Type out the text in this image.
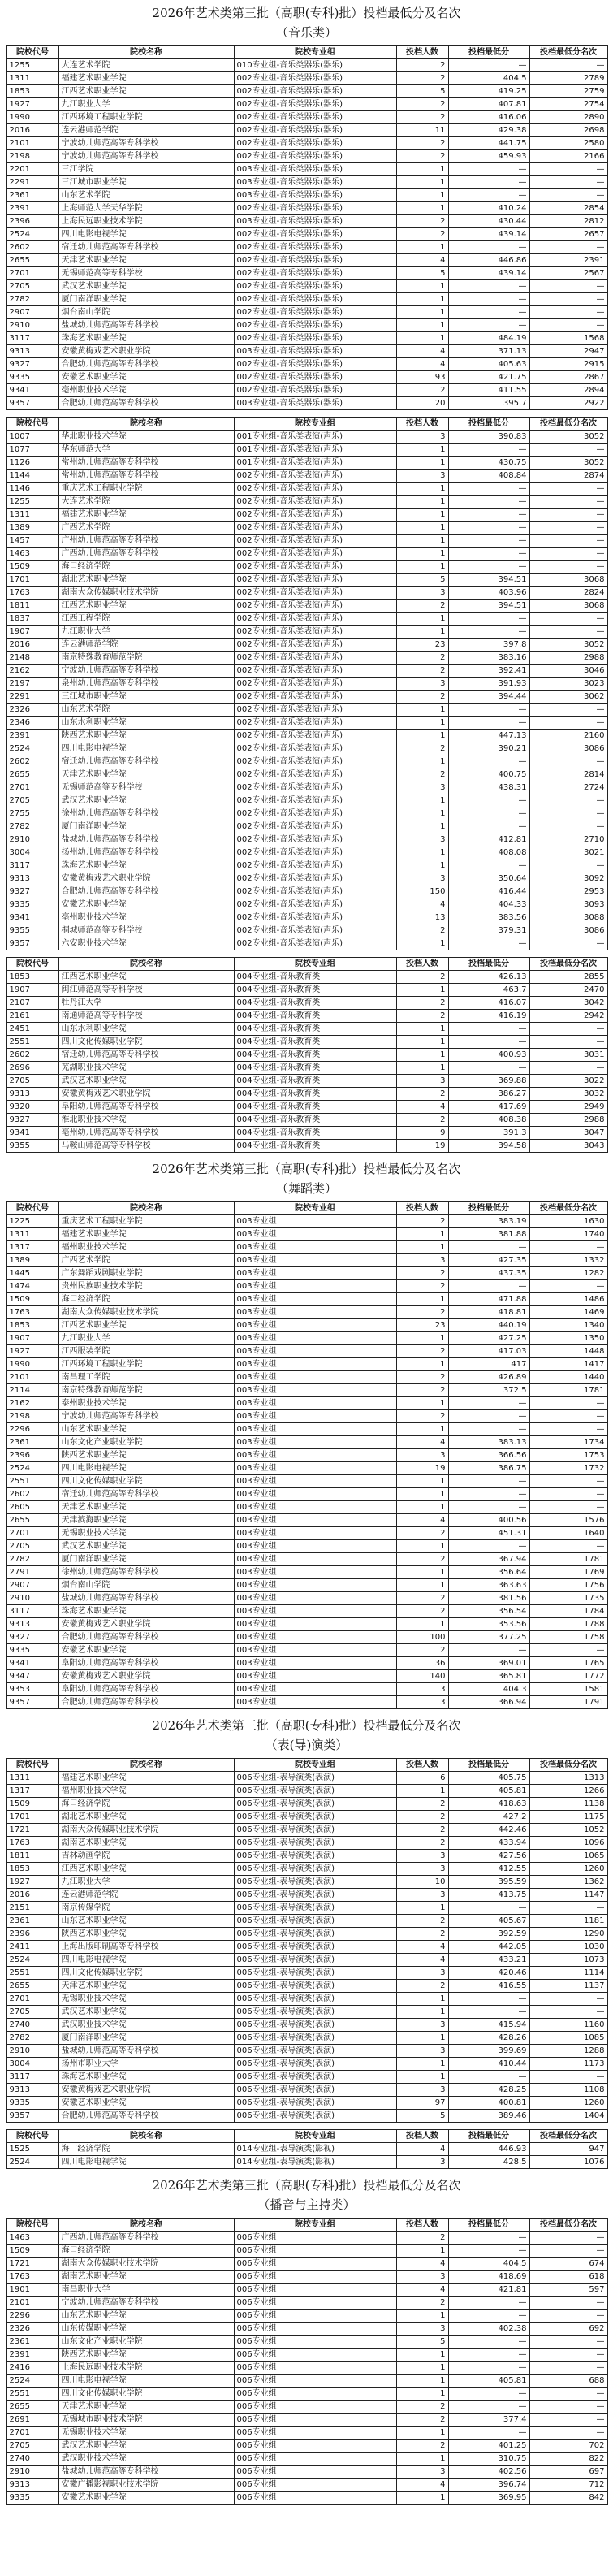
2026年艺术类第三批（高职(专科)批）投档最低分及名次
（音乐类）
院校代号	院校名称	院校专业组	投档人数	投档最低分	投档最低分名次
1255	大连艺术学院	010专业组-音乐类器乐(器乐)	2	—	—
1311	福建艺术职业学院	002专业组-音乐类器乐(器乐)	2	404.5	2789
1853	江西艺术职业学院	002专业组-音乐类器乐(器乐)	5	419.25	2759
1927	九江职业大学	002专业组-音乐类器乐(器乐)	2	407.81	2754
1990	江西环境工程职业学院	002专业组-音乐类器乐(器乐)	2	416.06	2890
2016	连云港师范学院	002专业组-音乐类器乐(器乐)	11	429.38	2698
2101	宁波幼儿师范高等专科学校	002专业组-音乐类器乐(器乐)	2	441.75	2580
2198	宁波幼儿师范高等专科学校	002专业组-音乐类器乐(器乐)	2	459.93	2166
2201	三江学院	003专业组-音乐类器乐(器乐)	1	—	—
2291	三江城市职业学院	003专业组-音乐类器乐(器乐)	1	—	—
2361	山东艺术学院	003专业组-音乐类器乐(器乐)	1	—	—
2391	上海师范大学天华学院	002专业组-音乐类器乐(器乐)	1	410.24	2854
2396	上海民远职业技术学院	003专业组-音乐类器乐(器乐)	2	430.44	2812
2524	四川电影电视学院	002专业组-音乐类器乐(器乐)	2	439.14	2657
2602	宿迁幼儿师范高等专科学校	002专业组-音乐类器乐(器乐)	1	—	—
2655	天津艺术职业学院	002专业组-音乐类器乐(器乐)	4	446.86	2391
2701	无锡师范高等专科学校	002专业组-音乐类器乐(器乐)	5	439.14	2567
2705	武汉艺术职业学院	002专业组-音乐类器乐(器乐)	1	—	—
2782	厦门南洋职业学院	002专业组-音乐类器乐(器乐)	1	—	—
2907	烟台南山学院	002专业组-音乐类器乐(器乐)	1	—	—
2910	盐城幼儿师范高等专科学校	002专业组-音乐类器乐(器乐)	1	—	—
3117	珠海艺术职业学院	002专业组-音乐类器乐(器乐)	1	484.19	1568
9313	安徽黄梅戏艺术职业学院	003专业组-音乐类器乐(器乐)	4	371.13	2947
9327	合肥幼儿师范高等专科学校	002专业组-音乐类器乐(器乐)	4	405.63	2915
9335	安徽艺术职业学院	002专业组-音乐类器乐(器乐)	93	421.75	2867
9341	亳州职业技术学院	002专业组-音乐类器乐(器乐)	2	411.55	2894
9357	合肥幼儿师范高等专科学校	003专业组-音乐类器乐(器乐)	20	395.7	2922
院校代号	院校名称	院校专业组	投档人数	投档最低分	投档最低分名次
1007	华北职业技术学院	001专业组-音乐类表演(声乐)	3	390.83	3052
1077	华东师范大学	001专业组-音乐类表演(声乐)	1	—	—
1126	常州幼儿师范高等专科学校	001专业组-音乐类表演(声乐)	1	430.75	3052
1144	常州幼儿师范高等专科学校	002专业组-音乐类表演(声乐)	3	408.84	2874
1146	重庆艺术工程职业学院	002专业组-音乐类表演(声乐)	1	—	—
1255	大连艺术学院	002专业组-音乐类表演(声乐)	1	—	—
1311	福建艺术职业学院	002专业组-音乐类表演(声乐)	1	—	—
1389	广西艺术学院	002专业组-音乐类表演(声乐)	1	—	—
1457	广州幼儿师范高等专科学校	002专业组-音乐类表演(声乐)	1	—	—
1463	广西幼儿师范高等专科学校	002专业组-音乐类表演(声乐)	1	—	—
1509	海口经济学院	002专业组-音乐类表演(声乐)	1	—	—
1701	湖北艺术职业学院	002专业组-音乐类表演(声乐)	5	394.51	3068
1763	湖南大众传媒职业技术学院	002专业组-音乐类表演(声乐)	3	403.96	2824
1811	江西艺术职业学院	002专业组-音乐类表演(声乐)	2	394.51	3068
1837	江西工程学院	002专业组-音乐类表演(声乐)	1	—	—
1907	九江职业大学	002专业组-音乐类表演(声乐)	1	—	—
2016	连云港师范学院	002专业组-音乐类表演(声乐)	23	397.8	3052
2148	南京特殊教育师范学院	002专业组-音乐类表演(声乐)	2	383.16	2988
2162	宁波幼儿师范高等专科学校	002专业组-音乐类表演(声乐)	2	392.41	3046
2197	泉州幼儿师范高等专科学校	002专业组-音乐类表演(声乐)	3	391.93	3023
2291	三江城市职业学院	002专业组-音乐类表演(声乐)	2	394.44	3062
2326	山东艺术学院	002专业组-音乐类表演(声乐)	1	—	—
2346	山东水利职业学院	002专业组-音乐类表演(声乐)	1	—	—
2391	陕西艺术职业学院	002专业组-音乐类表演(声乐)	1	447.13	2160
2524	四川电影电视学院	002专业组-音乐类表演(声乐)	2	390.21	3086
2602	宿迁幼儿师范高等专科学校	002专业组-音乐类表演(声乐)	1	—	—
2655	天津艺术职业学院	002专业组-音乐类表演(声乐)	2	400.75	2814
2701	无锡师范高等专科学校	002专业组-音乐类表演(声乐)	3	438.31	2724
2705	武汉艺术职业学院	002专业组-音乐类表演(声乐)	1	—	—
2755	徐州幼儿师范高等专科学校	002专业组-音乐类表演(声乐)	1	—	—
2782	厦门南洋职业学院	002专业组-音乐类表演(声乐)	1	—	—
2910	盐城幼儿师范高等专科学校	002专业组-音乐类表演(声乐)	3	412.81	2710
3004	扬州幼儿师范高等专科学校	002专业组-音乐类表演(声乐)	1	408.08	3021
3117	珠海艺术职业学院	002专业组-音乐类表演(声乐)	1	—	—
9313	安徽黄梅戏艺术职业学院	002专业组-音乐类表演(声乐)	3	350.64	3092
9327	合肥幼儿师范高等专科学校	002专业组-音乐类表演(声乐)	150	416.44	2953
9335	安徽艺术职业学院	002专业组-音乐类表演(声乐)	4	404.33	3093
9341	亳州职业技术学院	002专业组-音乐类表演(声乐)	13	383.56	3088
9355	桐城师范高等专科学校	002专业组-音乐类表演(声乐)	2	379.31	3086
9357	六安职业技术学院	002专业组-音乐类表演(声乐)	1	—	—
院校代号	院校名称	院校专业组	投档人数	投档最低分	投档最低分名次
1853	江西艺术职业学院	004专业组-音乐教育类	2	426.13	2855
1907	闽江师范高等专科学校	004专业组-音乐教育类	1	463.7	2470
2107	牡丹江大学	004专业组-音乐教育类	2	416.07	3042
2161	南通师范高等专科学校	004专业组-音乐教育类	2	416.19	2942
2451	山东水利职业学院	004专业组-音乐教育类	1	—	—
2551	四川文化传媒职业学院	004专业组-音乐教育类	1	—	—
2602	宿迁幼儿师范高等专科学校	004专业组-音乐教育类	1	400.93	3031
2696	芜湖职业技术学院	004专业组-音乐教育类	1	—	—
2705	武汉艺术职业学院	004专业组-音乐教育类	3	369.88	3022
9313	安徽黄梅戏艺术职业学院	004专业组-音乐教育类	2	386.27	3032
9320	阜阳幼儿师范高等专科学校	004专业组-音乐教育类	4	417.69	2949
9327	淮北职业技术学院	004专业组-音乐教育类	2	408.38	2988
9341	亳州幼儿师范高等专科学校	004专业组-音乐教育类	9	391.3	3047
9355	马鞍山师范高等专科学校	004专业组-音乐教育类	19	394.58	3043
2026年艺术类第三批（高职(专科)批）投档最低分及名次
（舞蹈类）
院校代号	院校名称	院校专业组	投档人数	投档最低分	投档最低分名次
1225	重庆艺术工程职业学院	003专业组	2	383.19	1630
1311	福建艺术职业学院	003专业组	1	381.88	1740
1317	福州职业技术学院	003专业组	1	—	—
1389	广西艺术学院	003专业组	3	427.35	1332
1445	广东舞蹈戏剧职业学院	003专业组	2	437.35	1282
1474	贵州民族职业技术学院	003专业组	2	—	—
1509	海口经济学院	003专业组	1	471.88	1486
1763	湖南大众传媒职业技术学院	003专业组	2	418.81	1469
1853	江西艺术职业学院	003专业组	23	440.19	1340
1907	九江职业大学	003专业组	1	427.25	1350
1927	江西服装学院	003专业组	2	417.03	1448
1990	江西环境工程职业学院	003专业组	1	417	1417
2101	南昌理工学院	003专业组	2	426.89	1440
2114	南京特殊教育师范学院	003专业组	2	372.5	1781
2162	泰州职业技术学院	003专业组	1	—	—
2198	宁波幼儿师范高等专科学校	003专业组	2	—	—
2296	山东艺术职业学院	003专业组	1	—	—
2361	山东文化产业职业学院	003专业组	4	383.13	1734
2396	陕西艺术职业学院	003专业组	3	366.56	1753
2524	四川电影电视学院	003专业组	19	386.75	1732
2551	四川文化传媒职业学院	003专业组	1	—	—
2602	宿迁幼儿师范高等专科学校	003专业组	1	—	—
2605	天津艺术职业学院	003专业组	1	—	—
2655	天津滨海职业学院	003专业组	4	400.56	1576
2701	无锡职业技术学院	003专业组	2	451.31	1640
2705	武汉艺术职业学院	003专业组	1	—	—
2782	厦门南洋职业学院	003专业组	2	367.94	1781
2791	徐州幼儿师范高等专科学校	003专业组	1	356.64	1769
2907	烟台南山学院	003专业组	1	363.63	1756
2910	盐城幼儿师范高等专科学校	003专业组	2	381.56	1735
3117	珠海艺术职业学院	003专业组	2	356.54	1784
9313	安徽黄梅戏艺术职业学院	003专业组	1	353.56	1788
9327	合肥幼儿师范高等专科学校	003专业组	100	377.25	1758
9335	安徽艺术职业学院	003专业组	2	—	—
9341	阜阳幼儿师范高等专科学校	003专业组	36	369.01	1765
9347	安徽黄梅戏艺术职业学院	003专业组	140	365.81	1772
9353	阜阳幼儿师范高等专科学校	003专业组	3	404.3	1581
9357	合肥幼儿师范高等专科学校	003专业组	3	366.94	1791
2026年艺术类第三批（高职(专科)批）投档最低分及名次
（表(导)演类）
院校代号	院校名称	院校专业组	投档人数	投档最低分	投档最低分名次
1311	福建艺术职业学院	006专业组-表导演类(表演)	6	405.75	1313
1317	福州职业技术学院	006专业组-表导演类(表演)	1	405.81	1266
1509	海口经济学院	006专业组-表导演类(表演)	2	418.63	1138
1701	湖北艺术职业学院	006专业组-表导演类(表演)	2	427.2	1175
1721	湖南大众传媒职业技术学院	006专业组-表导演类(表演)	2	442.46	1052
1763	湖南艺术职业学院	006专业组-表导演类(表演)	2	433.94	1096
1811	吉林动画学院	006专业组-表导演类(表演)	3	427.56	1065
1853	江西艺术职业学院	006专业组-表导演类(表演)	3	412.55	1260
1927	九江职业大学	006专业组-表导演类(表演)	10	395.59	1362
2016	连云港师范学院	006专业组-表导演类(表演)	3	413.75	1147
2151	南京传媒学院	006专业组-表导演类(表演)	1	—	—
2361	山东艺术职业学院	006专业组-表导演类(表演)	2	405.67	1181
2396	陕西艺术职业学院	006专业组-表导演类(表演)	2	392.59	1290
2411	上海出版印刷高等专科学校	006专业组-表导演类(表演)	4	442.05	1030
2524	四川电影电视学院	006专业组-表导演类(表演)	4	433.21	1073
2551	四川文化传媒职业学院	006专业组-表导演类(表演)	3	420.46	1114
2655	天津艺术职业学院	006专业组-表导演类(表演)	2	416.55	1137
2701	无锡职业技术学院	006专业组-表导演类(表演)	1	—	—
2705	武汉艺术职业学院	006专业组-表导演类(表演)	1	—	—
2740	武汉职业技术学院	006专业组-表导演类(表演)	3	415.94	1160
2782	厦门南洋职业学院	006专业组-表导演类(表演)	1	428.26	1085
2910	盐城幼儿师范高等专科学校	006专业组-表导演类(表演)	3	399.69	1288
3004	扬州市职业大学	006专业组-表导演类(表演)	1	410.44	1173
3117	珠海艺术职业学院	006专业组-表导演类(表演)	1	—	—
9313	安徽黄梅戏艺术职业学院	006专业组-表导演类(表演)	3	428.25	1108
9335	安徽艺术职业学院	006专业组-表导演类(表演)	97	400.81	1260
9357	合肥幼儿师范高等专科学校	006专业组-表导演类(表演)	5	389.46	1404
院校代号	院校名称	院校专业组	投档人数	投档最低分	投档最低分名次
1525	海口经济学院	014专业组-表导演类(影视)	4	446.93	947
2524	四川电影电视学院	014专业组-表导演类(影视)	3	428.5	1076
2026年艺术类第三批（高职(专科)批）投档最低分及名次
（播音与主持类）
院校代号	院校名称	院校专业组	投档人数	投档最低分	投档最低分名次
1463	广西幼儿师范高等专科学校	006专业组	2	—	—
1509	海口经济学院	006专业组	1	—	—
1721	湖南大众传媒职业技术学院	006专业组	4	404.5	674
1763	湖南艺术职业学院	006专业组	3	418.69	618
1901	南昌职业大学	006专业组	4	421.81	597
2101	宁波幼儿师范高等专科学校	006专业组	2	—	—
2296	山东艺术职业学院	006专业组	1	—	—
2326	山东传媒职业学院	006专业组	3	402.38	692
2361	山东文化产业职业学院	006专业组	5	—	—
2391	陕西艺术职业学院	006专业组	1	—	—
2416	上海民远职业技术学院	006专业组	1	—	—
2524	四川电影电视学院	006专业组	1	405.81	688
2551	四川文化传媒职业学院	006专业组	1	—	—
2655	天津艺术职业学院	006专业组	2	—	—
2691	无锡城市职业技术学院	006专业组	2	377.4	—
2701	无锡职业技术学院	006专业组	1	—	—
2705	武汉艺术职业学院	006专业组	2	401.25	702
2740	武汉职业技术学院	006专业组	1	310.75	822
2910	盐城幼儿师范高等专科学校	006专业组	3	402.56	697
9313	安徽广播影视职业技术学院	006专业组	4	396.74	712
9335	安徽艺术职业学院	006专业组	1	369.95	842
